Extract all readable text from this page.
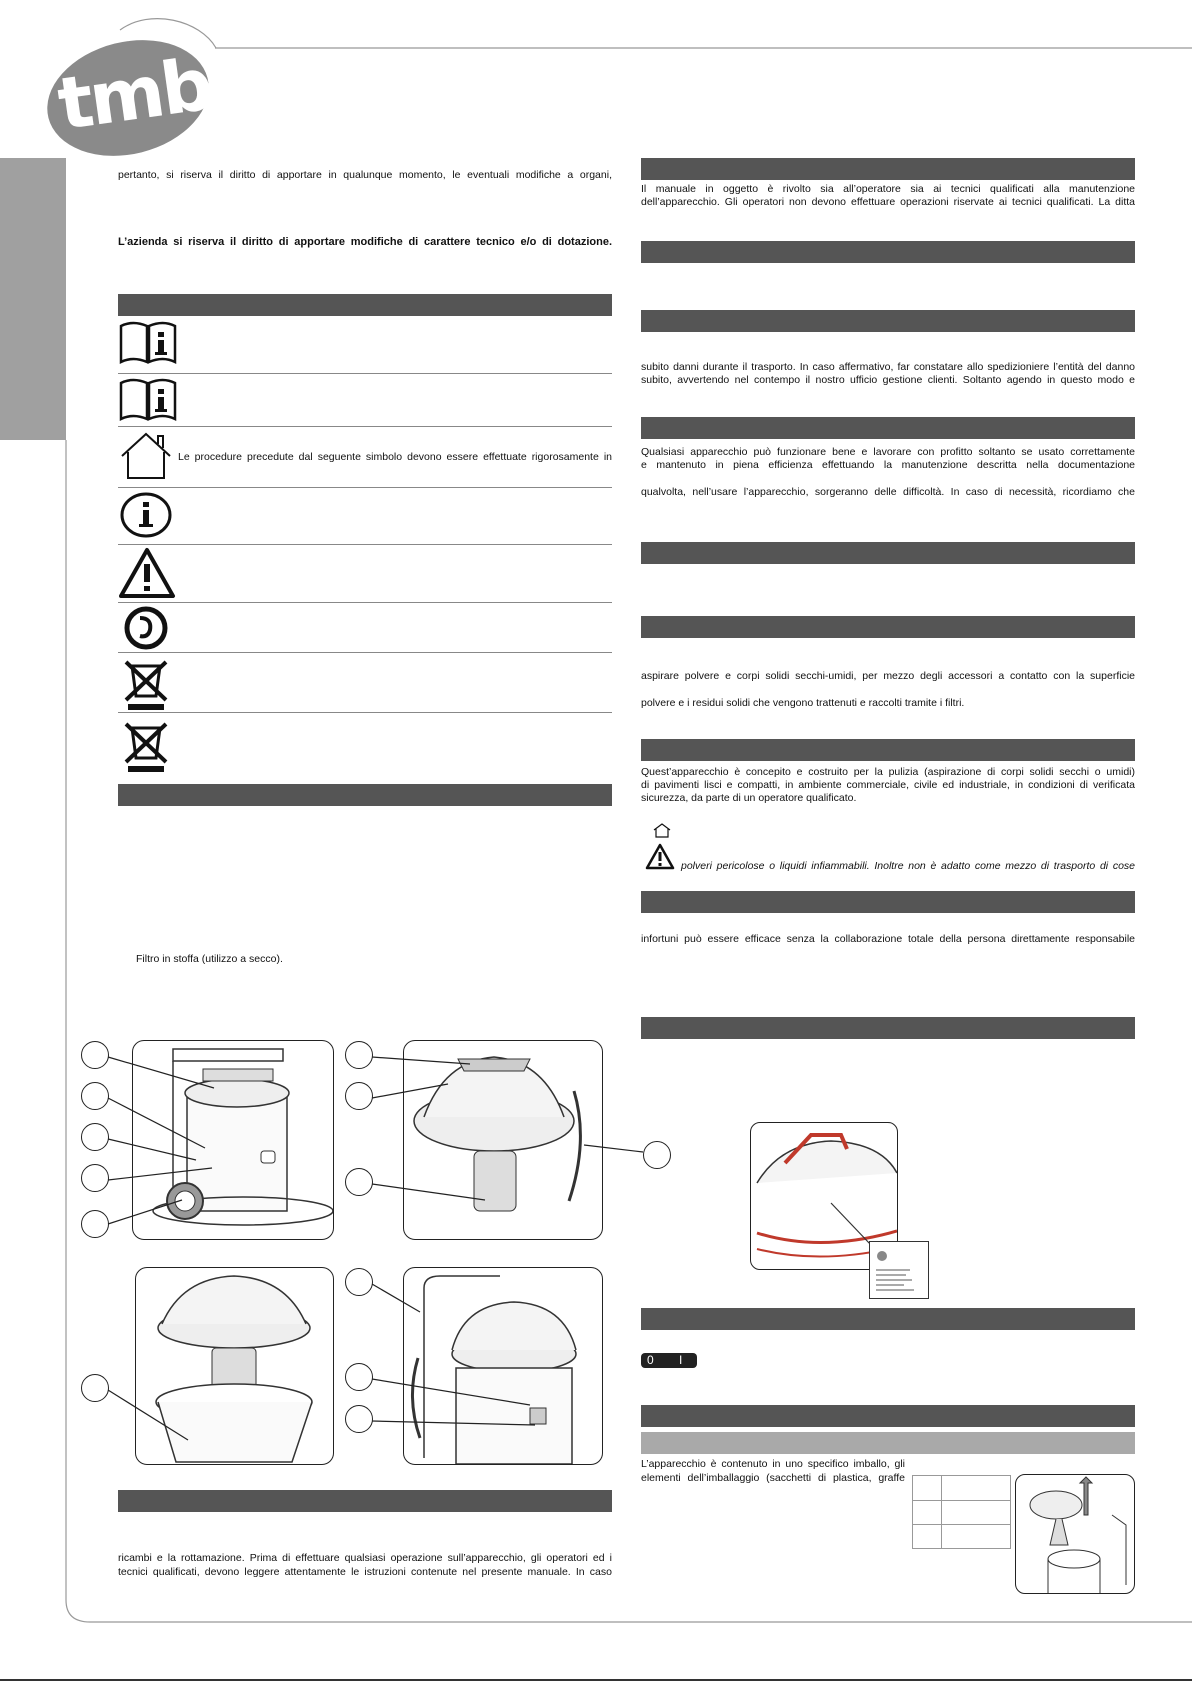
tmb
pertanto, si riserva il diritto di apportare in qualunque momento, le eventuali modifiche a organi,
L’azienda si riserva il diritto di apportare modifiche di carattere tecnico e/o di dotazione.
Le procedure precedute dal seguente simbolo devono essere effettuate rigorosamente in
Filtro in stoffa (utilizzo a secco).
ricambi e la rottamazione. Prima di effettuare qualsiasi operazione sull’apparecchio, gli operatori ed i
tecnici qualificati, devono leggere attentamente le istruzioni contenute nel presente manuale. In caso
Il manuale in oggetto è rivolto sia all’operatore sia ai tecnici qualificati alla manutenzione
dell’apparecchio. Gli operatori non devono effettuare operazioni riservate ai tecnici qualificati. La ditta
subito danni durante il trasporto. In caso affermativo, far constatare allo spedizioniere l’entità del danno
subito, avvertendo nel contempo il nostro ufficio gestione clienti. Soltanto agendo in questo modo e
Qualsiasi apparecchio può funzionare bene e lavorare con profitto soltanto se usato correttamente
e mantenuto in piena efficienza effettuando la manutenzione descritta nella documentazione
qualvolta, nell’usare l’apparecchio, sorgeranno delle difficoltà. In caso di necessità, ricordiamo che
aspirare polvere e corpi solidi secchi-umidi, per mezzo degli accessori a contatto con la superficie
polvere e i residui solidi che vengono trattenuti e raccolti tramite i filtri.
Quest’apparecchio è concepito e costruito per la pulizia (aspirazione di corpi solidi secchi o umidi)
di pavimenti lisci e compatti, in ambiente commerciale, civile ed industriale, in condizioni di verificata
sicurezza, da parte di un operatore qualificato.
polveri pericolose o liquidi infiammabili. Inoltre non è adatto come mezzo di trasporto di cose
infortuni può essere efficace senza la collaborazione totale della persona direttamente responsabile
0 I
L’apparecchio è contenuto in uno specifico imballo, gli
elementi dell’imballaggio (sacchetti di plastica, graffe
